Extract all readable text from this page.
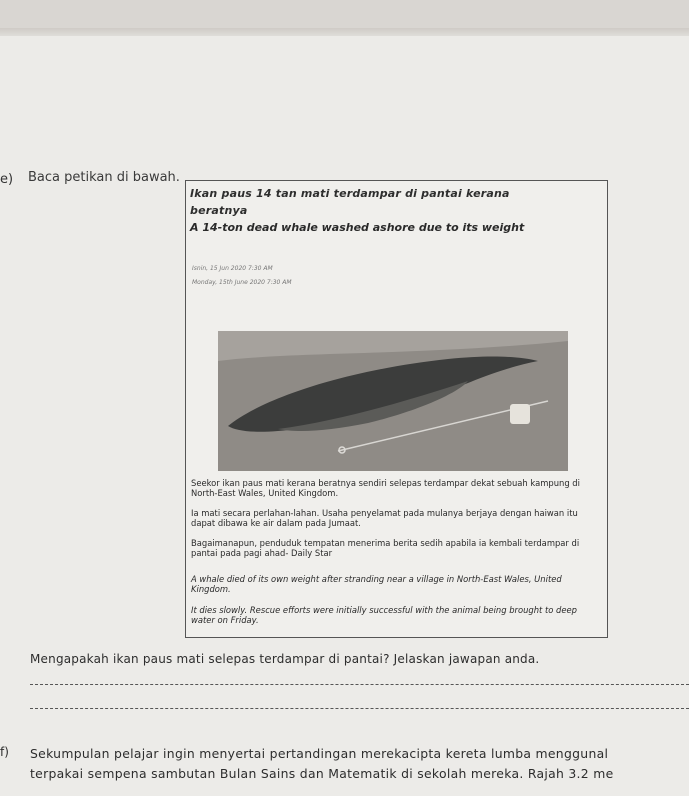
e) Baca petikan di bawah.
Ikan paus 14 tan mati terdampar di pantai kerana
beratnya
A 14-ton dead whale washed ashore due to its weight
Isnin, 15 Jun 2020 7:30 AM
Monday, 15th June 2020 7:30 AM
Seekor ikan paus mati kerana beratnya sendiri selepas terdampar dekat sebuah kampung di North-East Wales, United Kingdom.
Ia mati secara perlahan-lahan. Usaha penyelamat pada mulanya berjaya dengan haiwan itu dapat dibawa ke air dalam pada Jumaat.
Bagaimanapun, penduduk tempatan menerima berita sedih apabila ia kembali terdampar di pantai pada pagi ahad- Daily Star
A whale died of its own weight after stranding near a village in North-East Wales, United Kingdom.
It dies slowly. Rescue efforts were initially successful with the animal being brought to deep water on Friday.
Mengapakah ikan paus mati selepas terdampar di pantai? Jelaskan jawapan anda.
f) Sekumpulan pelajar ingin menyertai pertandingan merekacipta kereta lumba menggunal
terpakai sempena sambutan Bulan Sains dan Matematik di sekolah mereka. Rajah 3.2 me
